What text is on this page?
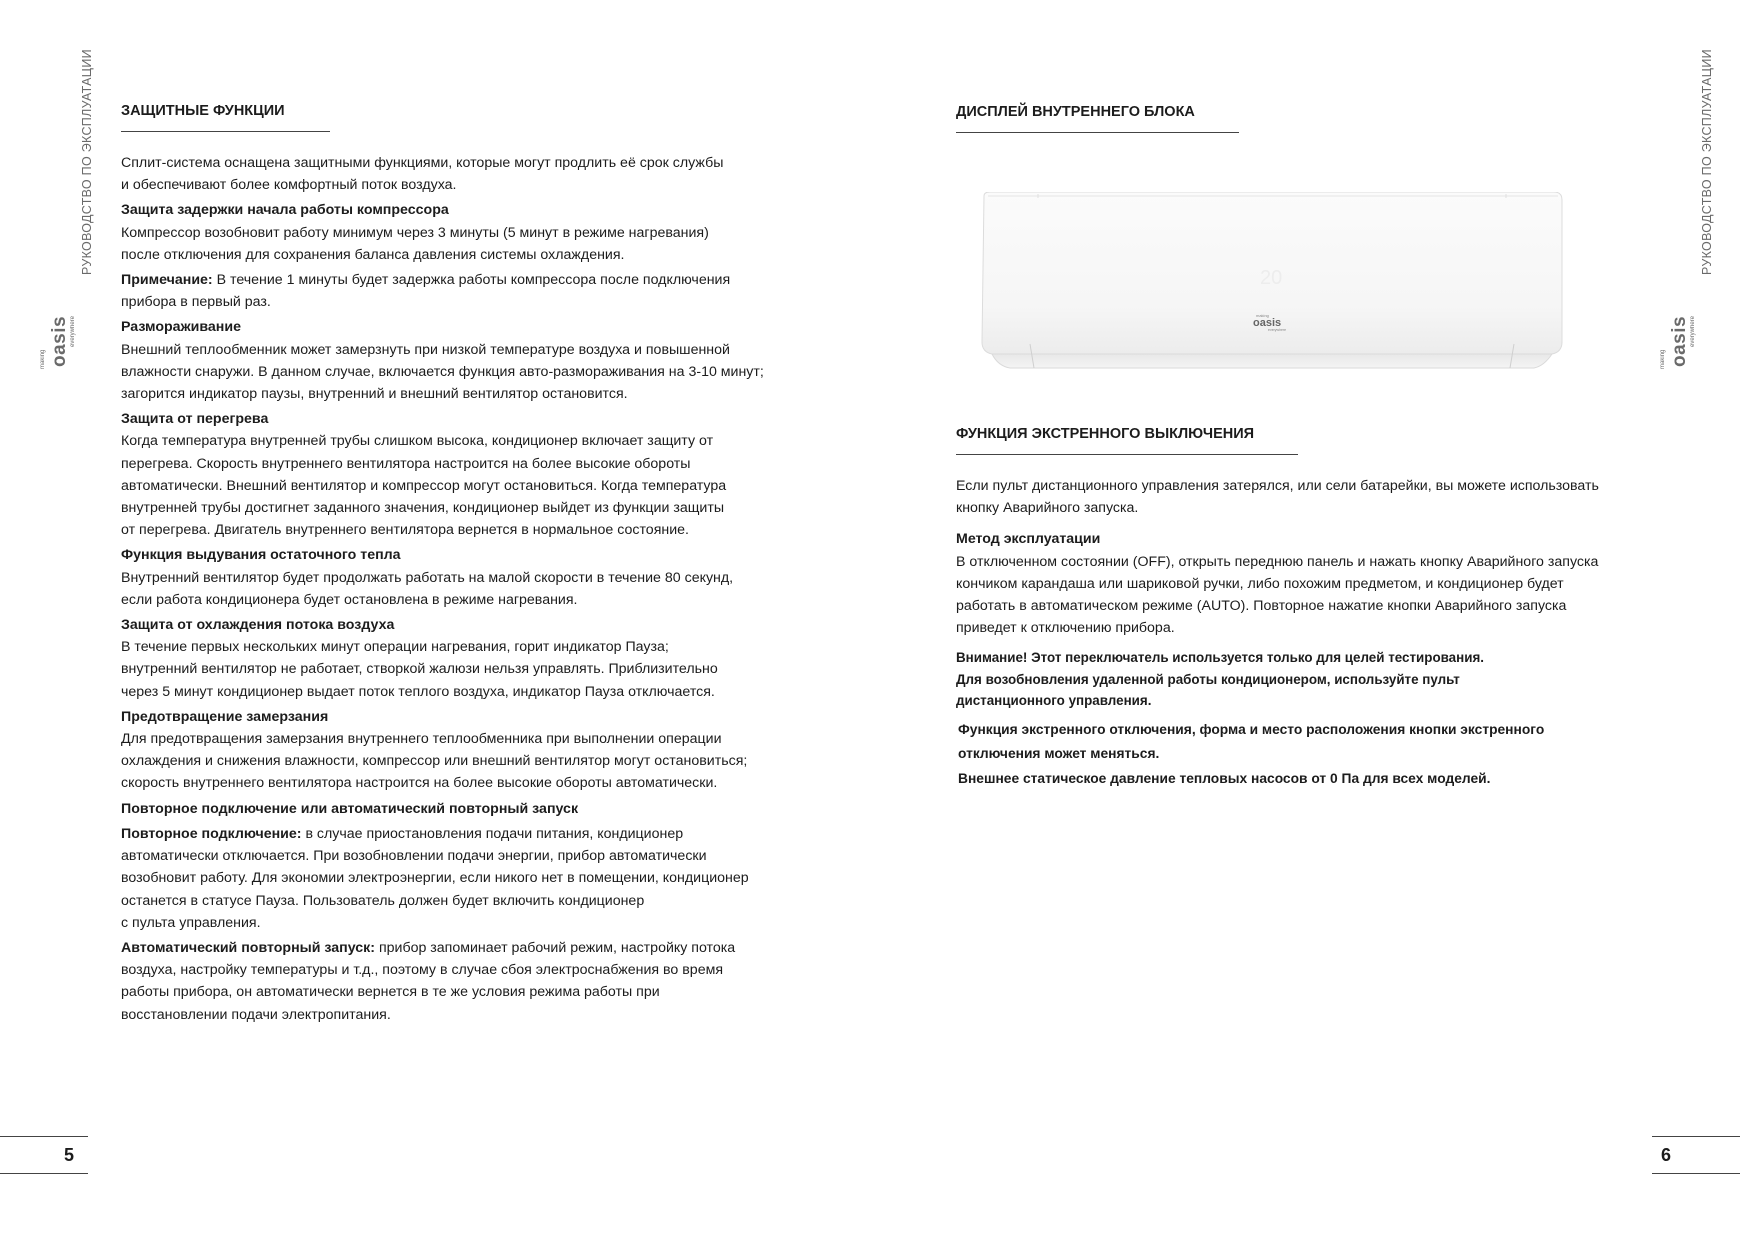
РУКОВОДСТВО ПО ЭКСПЛУАТАЦИИ
making oasis everywhere
РУКОВОДСТВО ПО ЭКСПЛУАТАЦИИ
making oasis everywhere
5	6
ЗАЩИТНЫЕ ФУНКЦИИ

Сплит-система оснащена защитными функциями, которые могут продлить её срок службы

и обеспечивают более комфортный поток воздуха.

Защита задержки начала работы компрессора

Компрессор возобновит работу минимум через 3 минуты (5 минут в режиме нагревания)

после отключения для сохранения баланса давления системы охлаждения.

Примечание: В течение 1 минуты будет задержка работы компрессора после подключения

прибора в первый раз.

Размораживание

Внешний теплообменник может замерзнуть при низкой температуре воздуха и повышенной

влажности снаружи. В данном случае, включается функция авто-размораживания на 3-10 минут;

загорится индикатор паузы, внутренний и внешний вентилятор остановится.

Защита от перегрева

Когда температура внутренней трубы слишком высока, кондиционер включает защиту от

перегрева. Скорость внутреннего вентилятора настроится на более высокие обороты

автоматически. Внешний вентилятор и компрессор могут остановиться. Когда температура

внутренней трубы достигнет заданного значения, кондиционер выйдет из функции защиты

от перегрева. Двигатель внутреннего вентилятора вернется в нормальное состояние.

Функция выдувания остаточного тепла

Внутренний вентилятор будет продолжать работать на малой скорости в течение 80 секунд,

если работа кондиционера будет остановлена в режиме нагревания.

Защита от охлаждения потока воздуха

В течение первых нескольких минут операции нагревания, горит индикатор Пауза;

внутренний вентилятор не работает, створкой жалюзи нельзя управлять. Приблизительно

через 5 минут кондиционер выдает поток теплого воздуха, индикатор Пауза отключается.

Предотвращение замерзания

Для предотвращения замерзания внутреннего теплообменника при выполнении операции

охлаждения и снижения влажности, компрессор или внешний вентилятор могут остановиться;

скорость внутреннего вентилятора настроится на более высокие обороты автоматически.

Повторное подключение или автоматический повторный запуск

Повторное подключение: в случае приостановления подачи питания, кондиционер

автоматически отключается. При возобновлении подачи энергии, прибор автоматически

возобновит работу. Для экономии электроэнергии, если никого нет в помещении, кондиционер

останется в статусе Пауза. Пользователь должен будет включить кондиционер

с пульта управления.

Автоматический повторный запуск: прибор запоминает рабочий режим, настройку потока

воздуха, настройку температуры и т.д., поэтому в случае сбоя электроснабжения во время

работы прибора, он автоматически вернется в те же условия режима работы при

восстановлении подачи электропитания.

ДИСПЛЕЙ ВНУТРЕННЕГО БЛОКА
ФУНКЦИЯ ЭКСТРЕННОГО ВЫКЛЮЧЕНИЯ

Если пульт дистанционного управления затерялся, или сели батарейки, вы можете использовать

кнопку Аварийного запуска.

Метод эксплуатации

В отключенном состоянии (OFF), открыть переднюю панель и нажать кнопку Аварийного запуска

кончиком карандаша или шариковой ручки, либо похожим предметом, и кондиционер будет

работать в автоматическом режиме (AUTO). Повторное нажатие кнопки Аварийного запуска

приведет к отключению прибора.

Внимание! Этот переключатель используется только для целей тестирования.

Для возобновления удаленной работы кондиционером, используйте пульт

дистанционного управления.

Функция экстренного отключения, форма и место расположения кнопки экстренного

отключения может меняться.

Внешнее статическое давление тепловых насосов от 0 Па для всех моделей.

20
making
oasis
everywhere
